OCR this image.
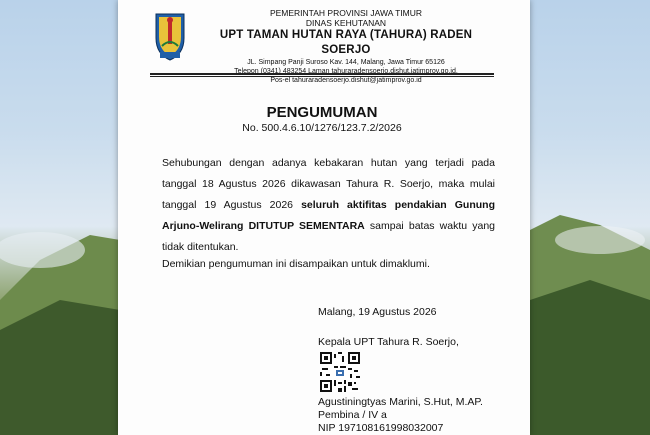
PEMERINTAH PROVINSI JAWA TIMUR
DINAS KEHUTANAN
UPT TAMAN HUTAN RAYA (TAHURA) RADEN SOERJO
JL. Simpang Panji Suroso Kav. 144, Malang, Jawa Timur 65126
Telepon (0341) 483254 Laman tahuraradensoerjo.dishut.jatimprov.go.id,
Pos-el tahuraradensoerjo.dishut@jatimprov.go.id
PENGUMUMAN
No. 500.4.6.10/1276/123.7.2/2026
Sehubungan dengan adanya kebakaran hutan yang terjadi pada tanggal 18 Agustus 2026 dikawasan Tahura R. Soerjo, maka mulai tanggal 19 Agustus 2026 seluruh aktifitas pendakian Gunung Arjuno-Welirang DITUTUP SEMENTARA sampai batas waktu yang tidak ditentukan.
Demikian pengumuman ini disampaikan untuk dimaklumi.
Malang, 19 Agustus 2026
Kepala UPT Tahura R. Soerjo,
Agustiningtyas Marini, S.Hut, M.AP.
Pembina / IV a
NIP 197108161998032007
